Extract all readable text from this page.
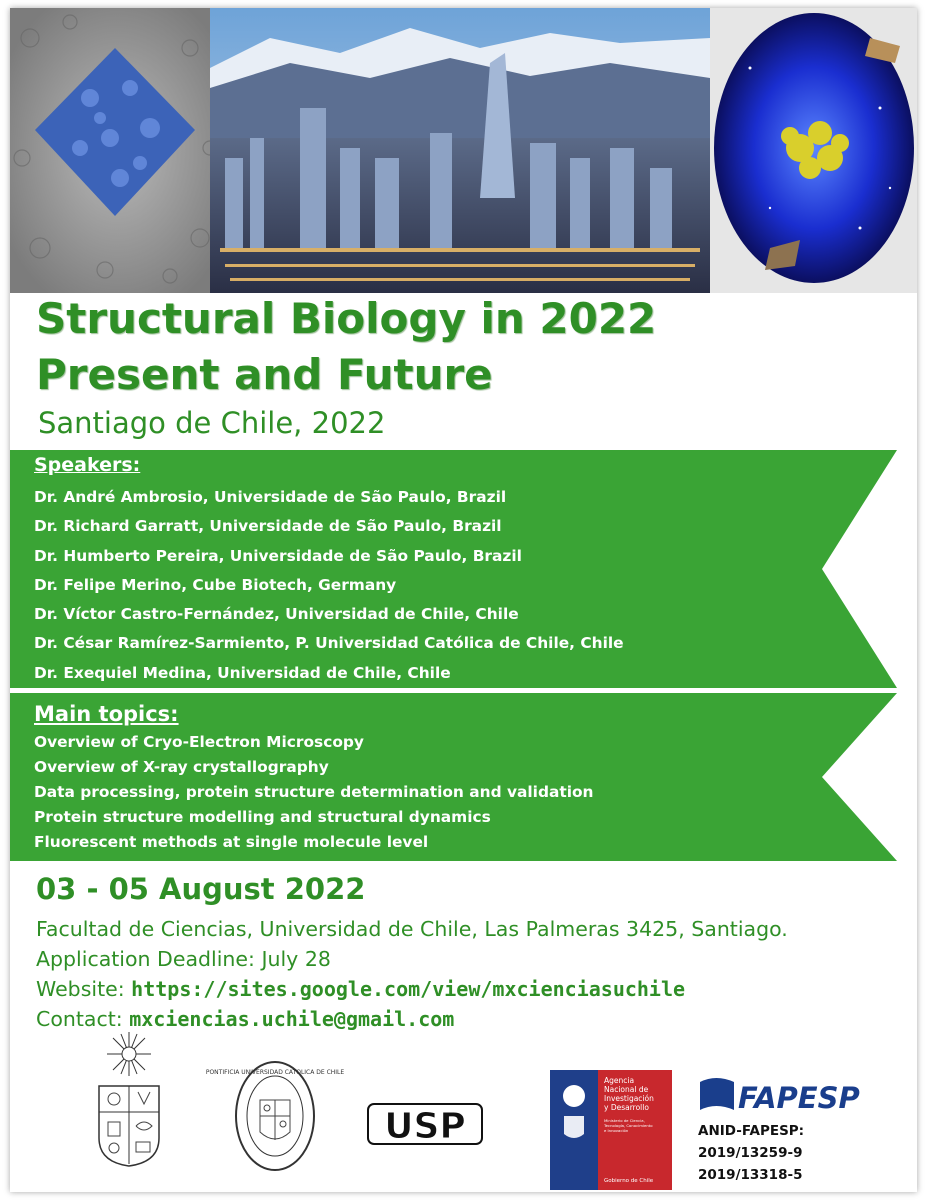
Structural Biology in 2022
Present and Future
Santiago de Chile, 2022
Speakers:
Dr. André Ambrosio, Universidade de São Paulo, Brazil
Dr. Richard Garratt, Universidade de São Paulo, Brazil
Dr. Humberto Pereira, Universidade de São Paulo, Brazil
Dr. Felipe Merino, Cube Biotech, Germany
Dr. Víctor Castro-Fernández, Universidad de Chile, Chile
Dr. César Ramírez-Sarmiento, P. Universidad Católica de Chile, Chile
Dr. Exequiel Medina, Universidad de Chile, Chile
Main topics:
Overview of Cryo-Electron Microscopy
Overview of X-ray crystallography
Data processing, protein structure determination and validation
Protein structure modelling and structural dynamics
Fluorescent methods at single molecule level
03 - 05 August 2022
Facultad de Ciencias, Universidad de Chile, Las Palmeras 3425, Santiago.
Application Deadline: July 28
Website: https://sites.google.com/view/mxcienciasuchile
Contact: mxciencias.uchile@gmail.com
PONTIFICIA UNIVERSIDAD CATOLICA DE CHILE
USP
Agencia
Nacional de
Investigación
y Desarrollo
Ministerio de Ciencia,
Tecnología, Conocimiento
e Innovación
Gobierno de Chile
FAPESP
ANID-FAPESP:
2019/13259-9
2019/13318-5
